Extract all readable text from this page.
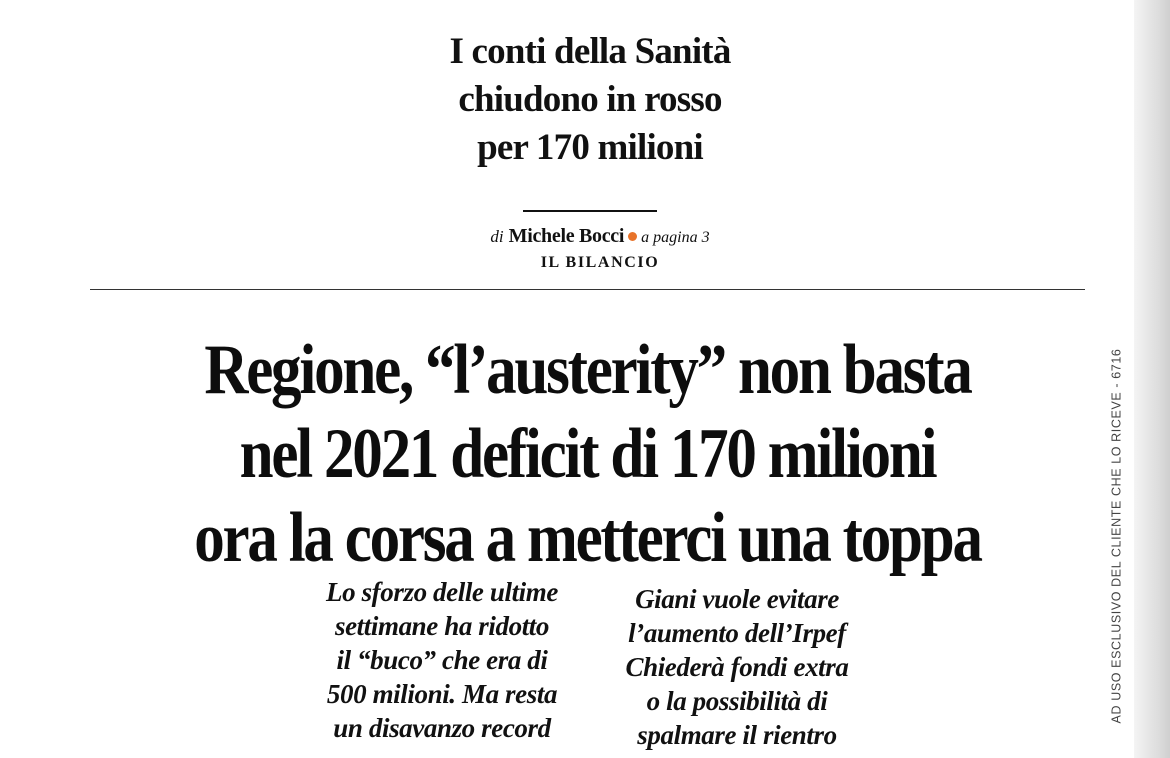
I conti della Sanità
chiudono in rosso
per 170 milioni
di Michele Bocci a pagina 3
IL BILANCIO
Regione, “l’austerity” non basta
nel 2021 deficit di 170 milioni
ora la corsa a metterci una toppa
Lo sforzo delle ultime
settimane ha ridotto
il “buco” che era di
500 milioni. Ma resta
un disavanzo record
Giani vuole evitare
l’aumento dell’Irpef
Chiederà fondi extra
o la possibilità di
spalmare il rientro
AD USO ESCLUSIVO DEL CLIENTE CHE LO RICEVE - 6716
